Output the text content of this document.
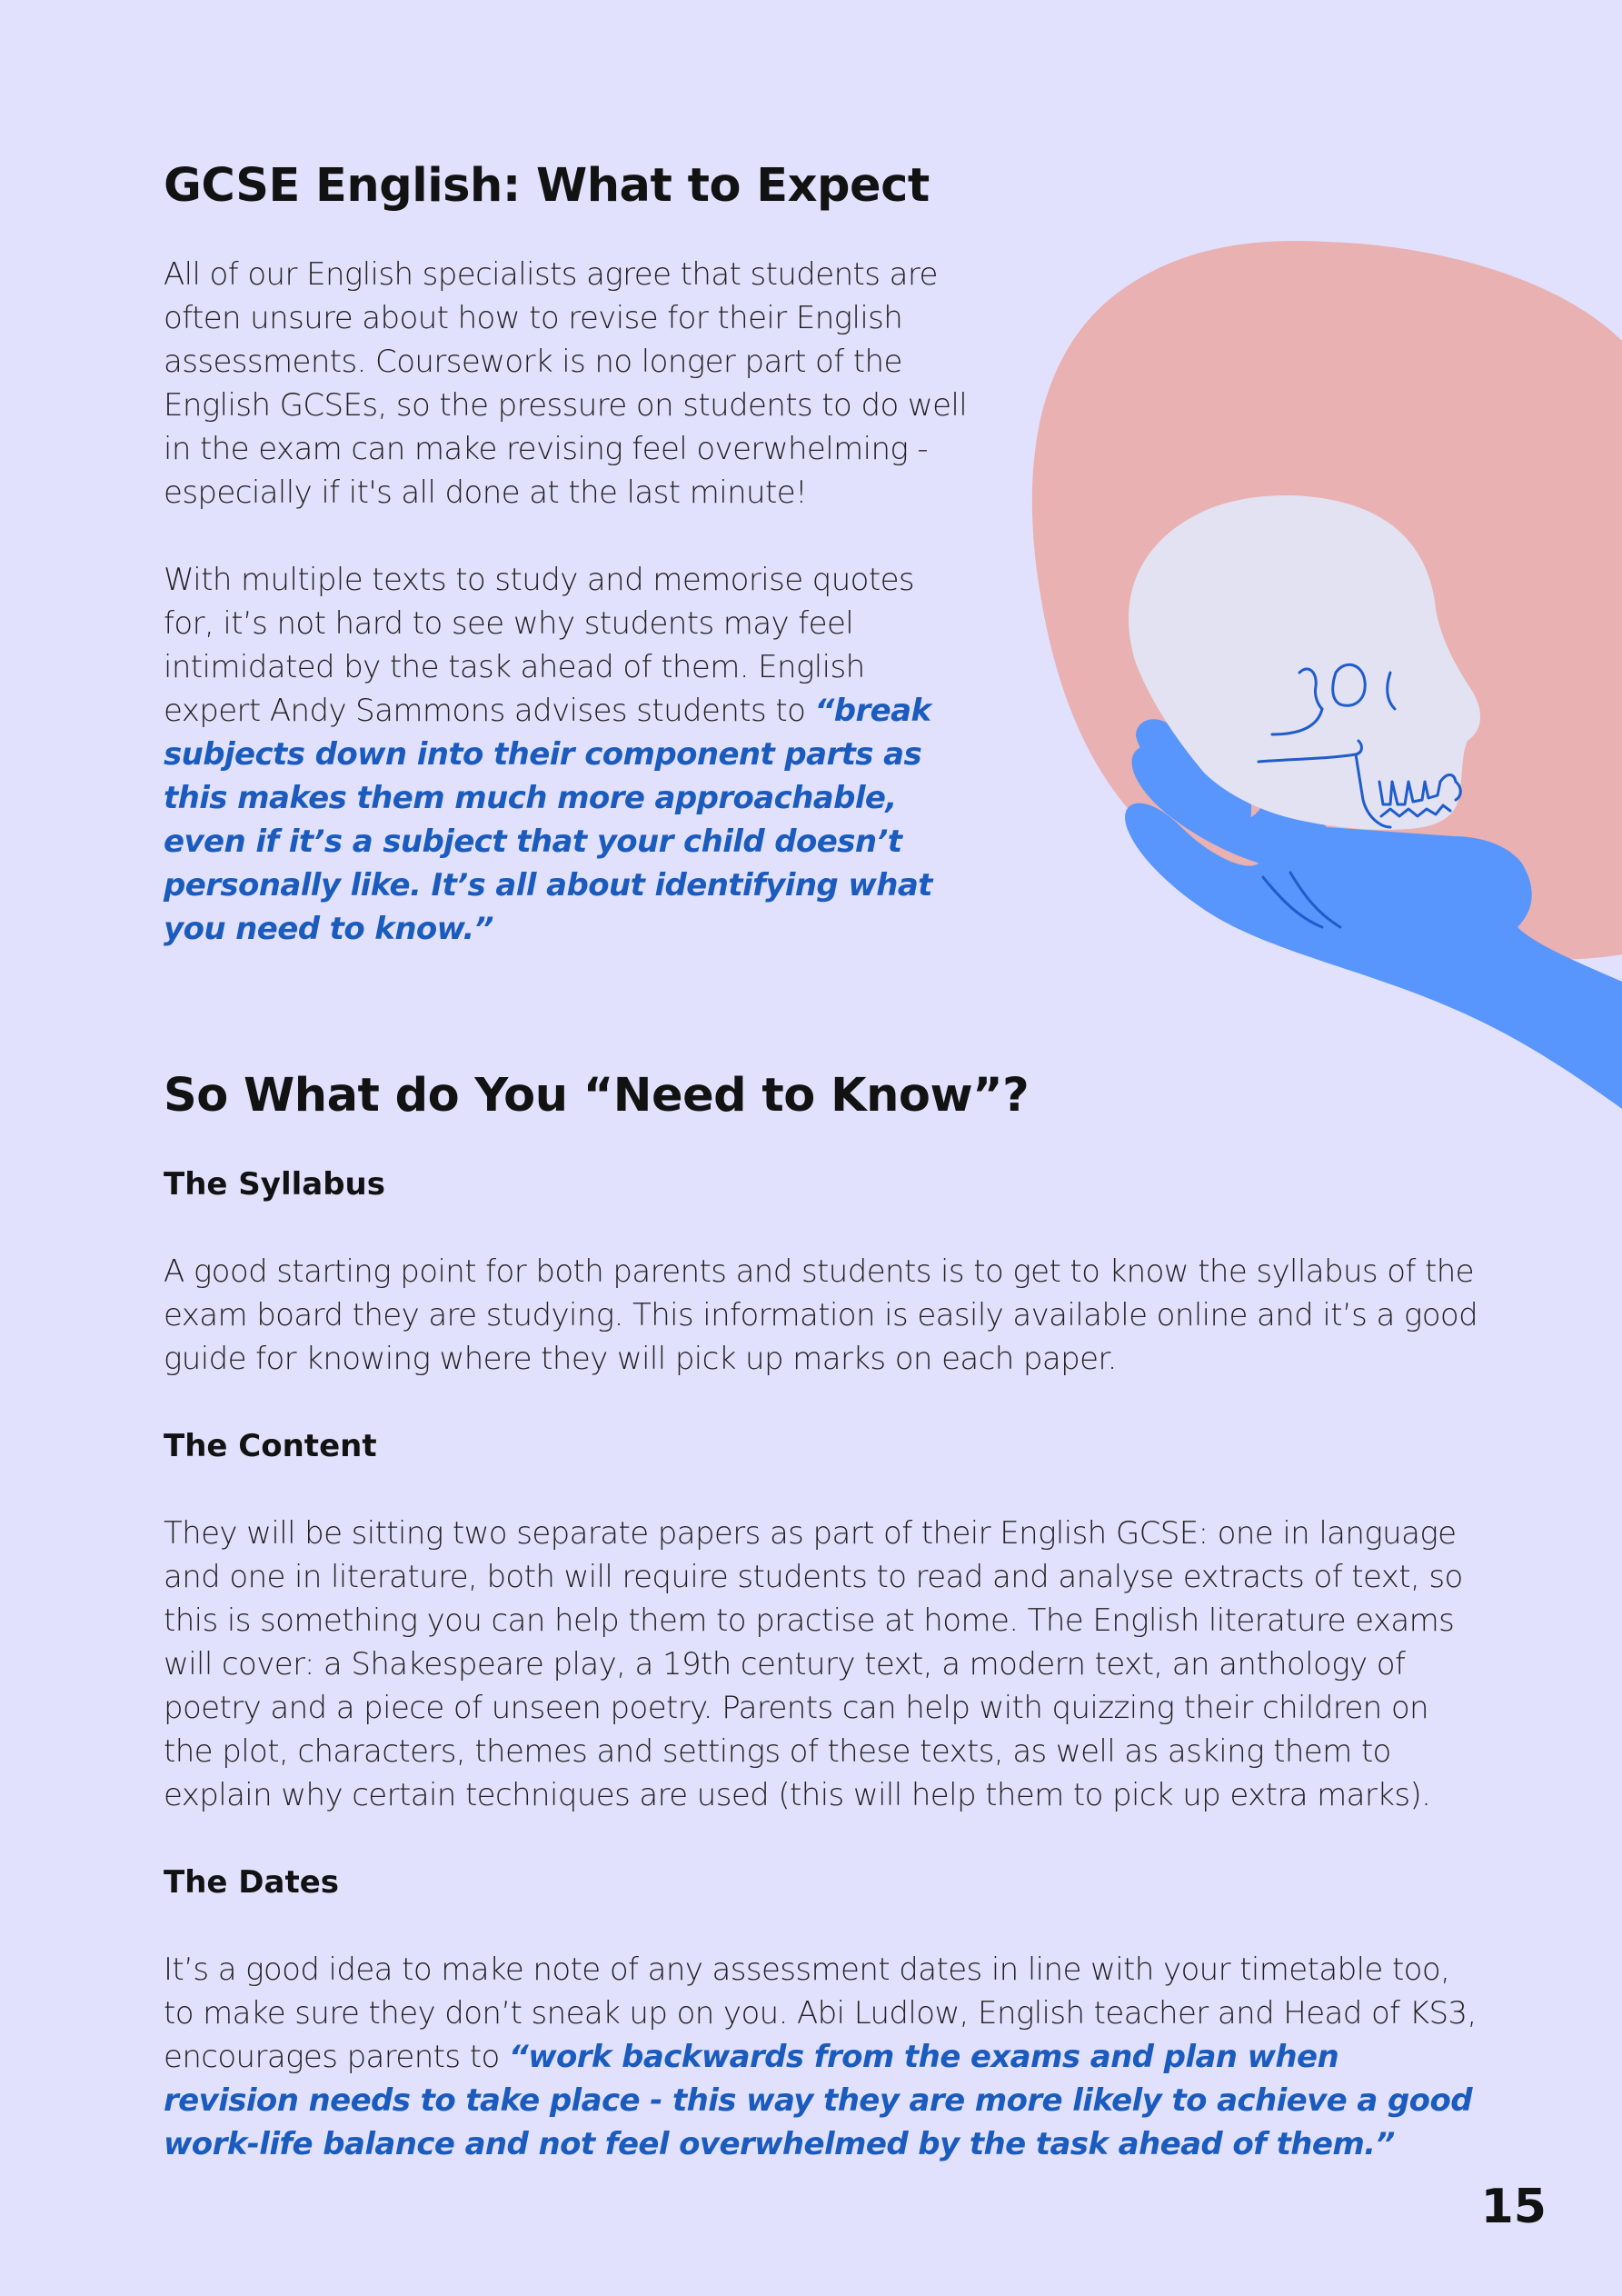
GCSE English: What to Expect

All of our English specialists agree that students are often unsure about how to revise for their English assessments. Coursework is no longer part of the English GCSEs, so the pressure on students to do well in the exam can make revising feel overwhelming - especially if it's all done at the last minute!

With multiple texts to study and memorise quotes for, it’s not hard to see why students may feel intimidated by the task ahead of them. English expert Andy Sammons advises students to “break subjects down into their component parts as this makes them much more approachable, even if it’s a subject that your child doesn’t personally like. It’s all about identifying what you need to know.”

So What do You “Need to Know”?

The Syllabus

A good starting point for both parents and students is to get to know the syllabus of the exam board they are studying. This information is easily available online and it’s a good guide for knowing where they will pick up marks on each paper.

The Content

They will be sitting two separate papers as part of their English GCSE: one in language and one in literature, both will require students to read and analyse extracts of text, so this is something you can help them to practise at home. The English literature exams will cover: a Shakespeare play, a 19th century text, a modern text, an anthology of poetry and a piece of unseen poetry. Parents can help with quizzing their children on the plot, characters, themes and settings of these texts, as well as asking them to explain why certain techniques are used (this will help them to pick up extra marks).

The Dates

It’s a good idea to make note of any assessment dates in line with your timetable too, to make sure they don’t sneak up on you. Abi Ludlow, English teacher and Head of KS3, encourages parents to “work backwards from the exams and plan when revision needs to take place - this way they are more likely to achieve a good work-life balance and not feel overwhelmed by the task ahead of them.”

15
